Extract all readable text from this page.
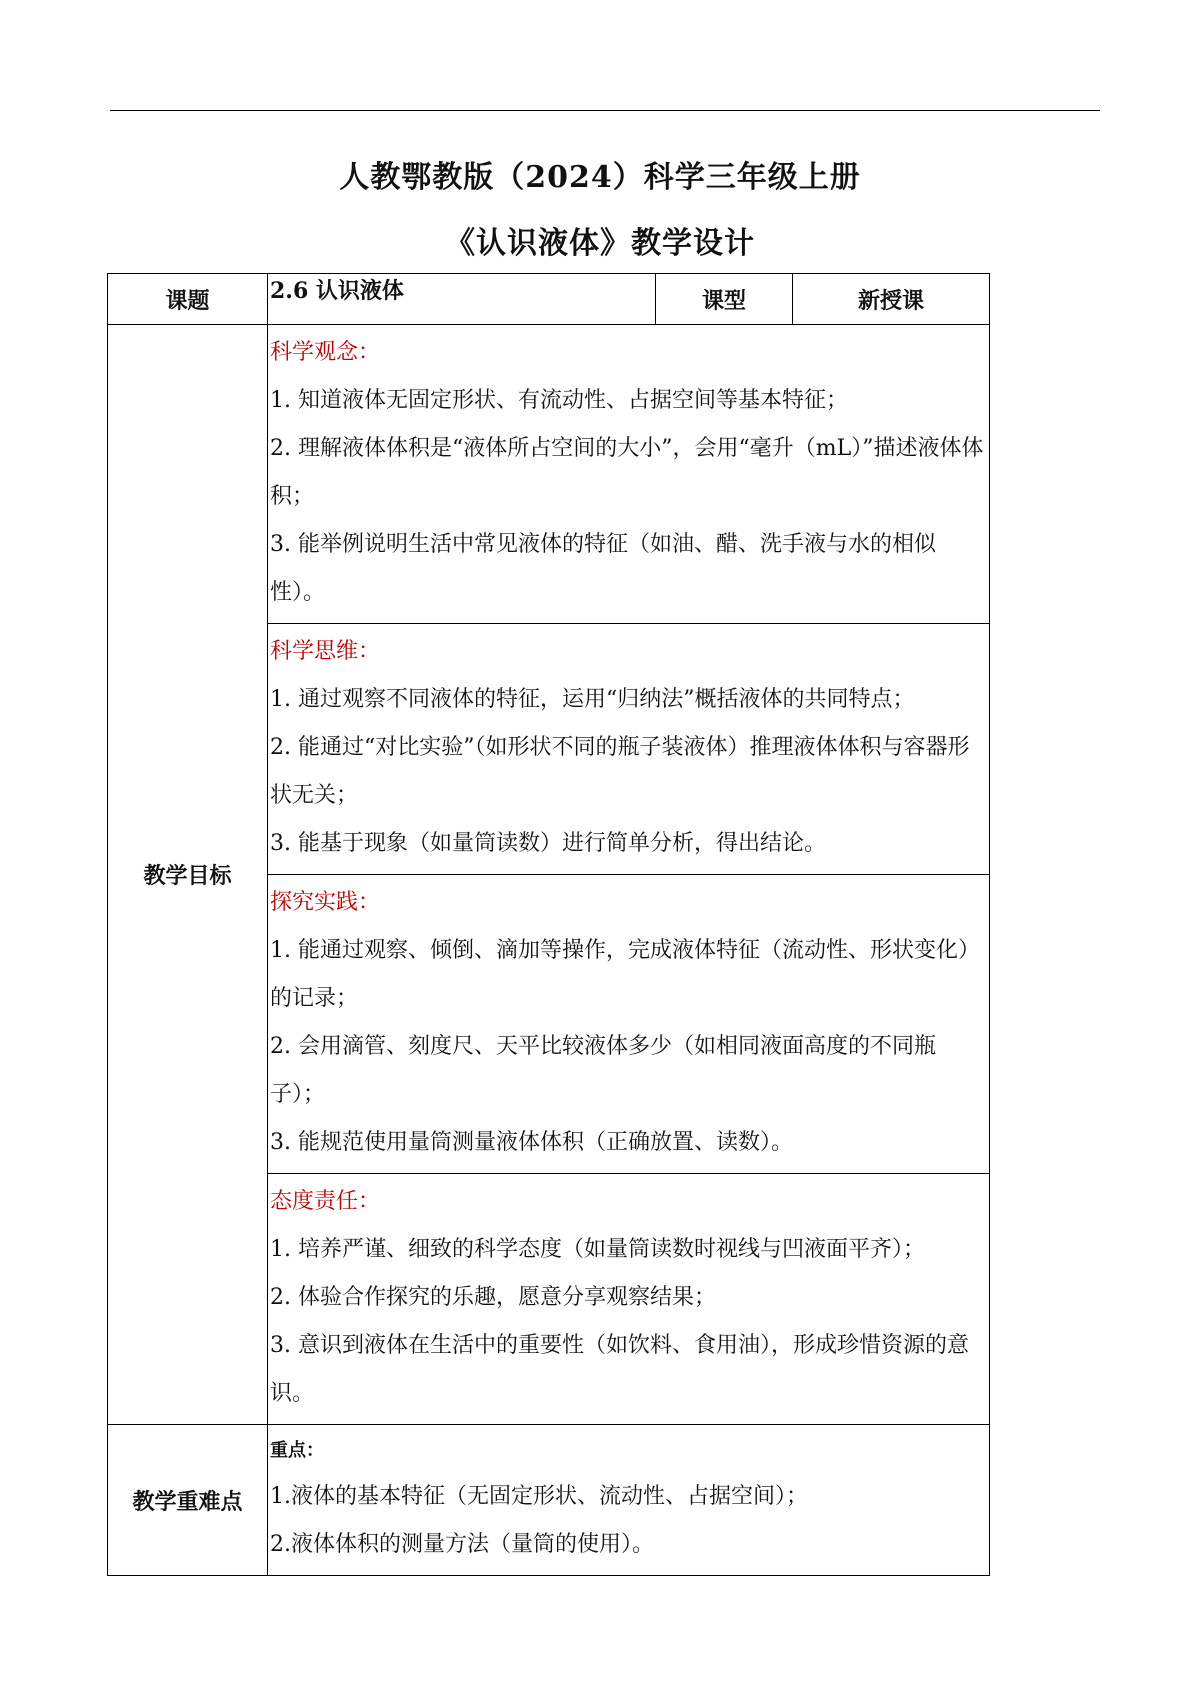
人教鄂教版（2024）科学三年级上册
《认识液体》教学设计
课题	2.6 认识液体	课型	新授课
教学目标	科学观念：

1. 知道液体无固定形状、有流动性、占据空间等基本特征；

2. 理解液体体积是“液体所占空间的大小”，会用“毫升（mL）”描述液体体积；

3. 能举例说明生活中常见液体的特征（如油、醋、洗手液与水的相似性）。		

	科学思维：

1. 通过观察不同液体的特征，运用“归纳法”概括液体的共同特点；

2. 能通过“对比实验”（如形状不同的瓶子装液体）推理液体体积与容器形状无关；

3. 能基于现象（如量筒读数）进行简单分析，得出结论。		

	探究实践：

1. 能通过观察、倾倒、滴加等操作，完成液体特征（流动性、形状变化）的记录；

2. 会用滴管、刻度尺、天平比较液体多少（如相同液面高度的不同瓶子）；

3. 能规范使用量筒测量液体体积（正确放置、读数）。		

	态度责任：

1. 培养严谨、细致的科学态度（如量筒读数时视线与凹液面平齐）；

2. 体验合作探究的乐趣，愿意分享观察结果；

3. 意识到液体在生活中的重要性（如饮料、食用油），形成珍惜资源的意识。		

教学重难点	重点：

1.液体的基本特征（无固定形状、流动性、占据空间）；

2.液体体积的测量方法（量筒的使用）。		
